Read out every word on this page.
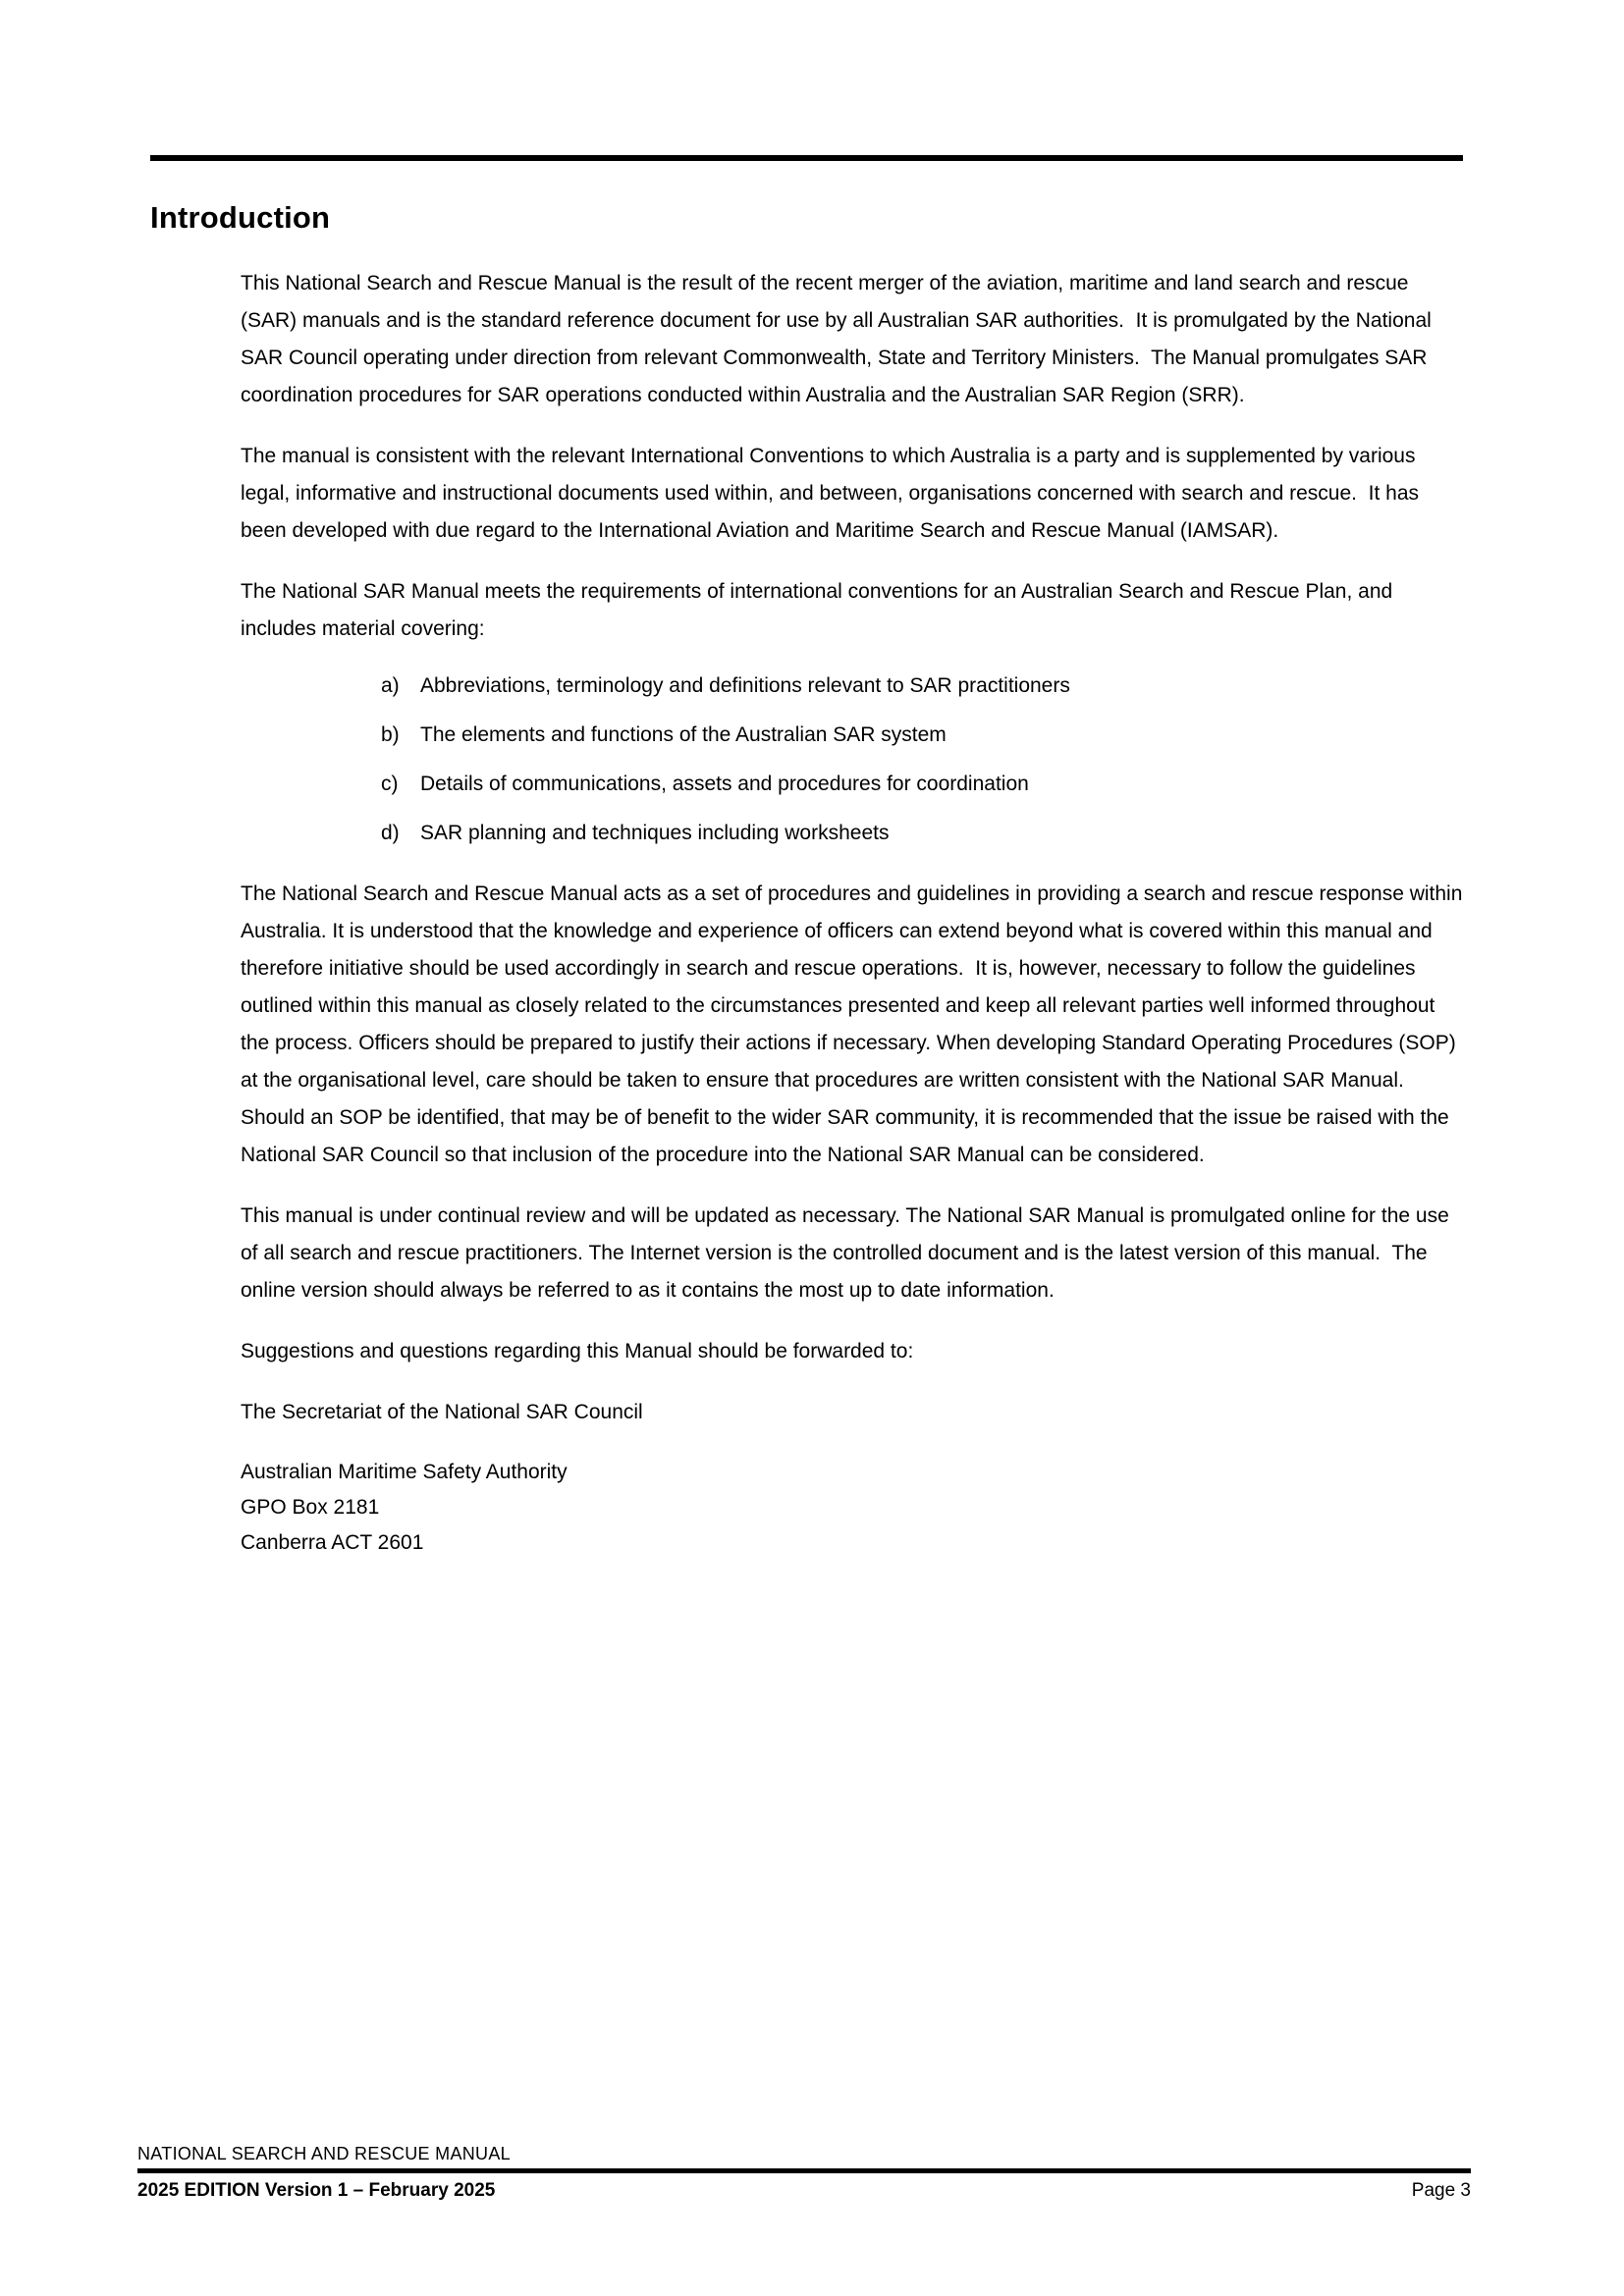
Introduction

This National Search and Rescue Manual is the result of the recent merger of the aviation, maritime and land search and rescue (SAR) manuals and is the standard reference document for use by all Australian SAR authorities.  It is promulgated by the National SAR Council operating under direction from relevant Commonwealth, State and Territory Ministers.  The Manual promulgates SAR coordination procedures for SAR operations conducted within Australia and the Australian SAR Region (SRR).

The manual is consistent with the relevant International Conventions to which Australia is a party and is supplemented by various legal, informative and instructional documents used within, and between, organisations concerned with search and rescue.  It has been developed with due regard to the International Aviation and Maritime Search and Rescue Manual (IAMSAR).

The National SAR Manual meets the requirements of international conventions for an Australian Search and Rescue Plan, and includes material covering:

a) Abbreviations, terminology and definitions relevant to SAR practitioners
b) The elements and functions of the Australian SAR system
c) Details of communications, assets and procedures for coordination
d) SAR planning and techniques including worksheets

The National Search and Rescue Manual acts as a set of procedures and guidelines in providing a search and rescue response within Australia. It is understood that the knowledge and experience of officers can extend beyond what is covered within this manual and therefore initiative should be used accordingly in search and rescue operations.  It is, however, necessary to follow the guidelines outlined within this manual as closely related to the circumstances presented and keep all relevant parties well informed throughout the process. Officers should be prepared to justify their actions if necessary. When developing Standard Operating Procedures (SOP) at the organisational level, care should be taken to ensure that procedures are written consistent with the National SAR Manual.  Should an SOP be identified, that may be of benefit to the wider SAR community, it is recommended that the issue be raised with the National SAR Council so that inclusion of the procedure into the National SAR Manual can be considered.

This manual is under continual review and will be updated as necessary. The National SAR Manual is promulgated online for the use of all search and rescue practitioners. The Internet version is the controlled document and is the latest version of this manual.  The online version should always be referred to as it contains the most up to date information.

Suggestions and questions regarding this Manual should be forwarded to:

The Secretariat of the National SAR Council

Australian Maritime Safety Authority
GPO Box 2181
Canberra ACT 2601
NATIONAL SEARCH AND RESCUE MANUAL
2025 EDITION Version 1 – February 2025	Page 3
